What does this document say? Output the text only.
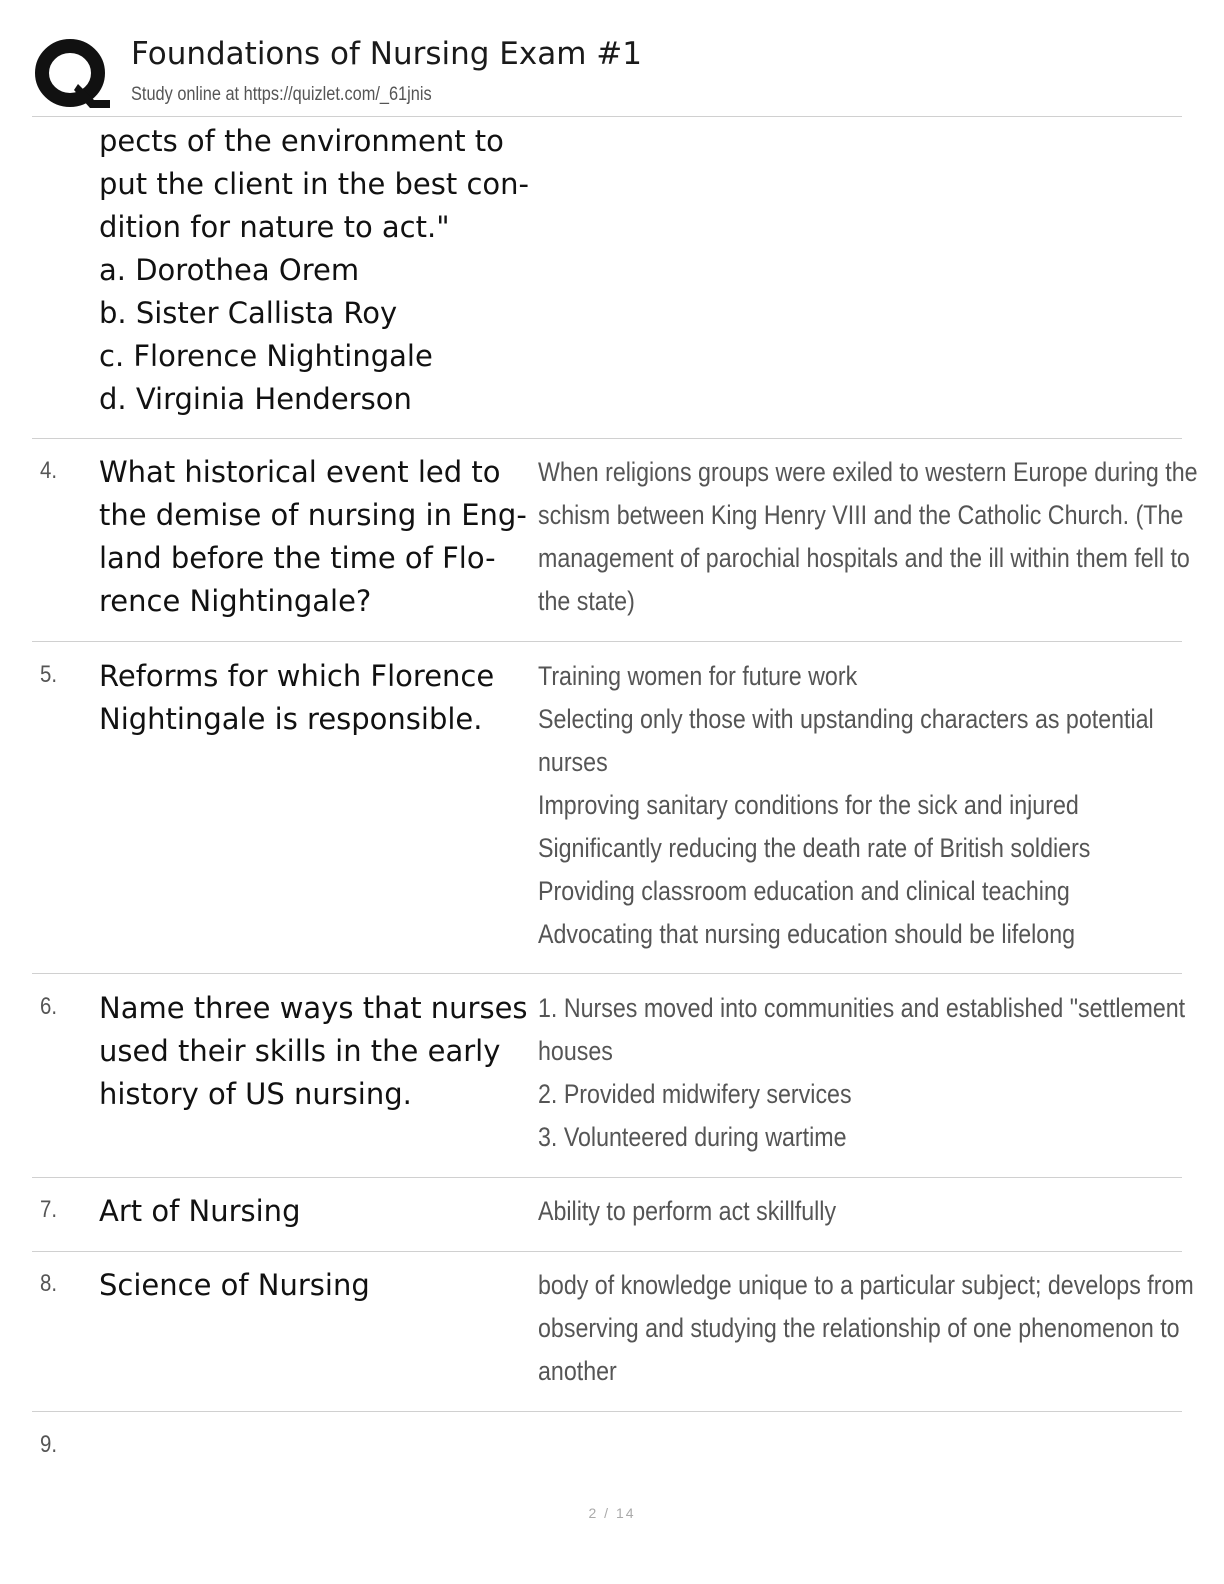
Foundations of Nursing Exam #1
Study online at https://quizlet.com/_61jnis
pects of the environment to
put the client in the best con-
dition for nature to act."
a. Dorothea Orem
b. Sister Callista Roy
c. Florence Nightingale
d. Virginia Henderson
4. What historical event led to
the demise of nursing in Eng-
land before the time of Flo-
rence Nightingale?
When religions groups were exiled to western Europe during the
schism between King Henry VIII and the Catholic Church. (The
management of parochial hospitals and the ill within them fell to
the state)
5. Reforms for which Florence
Nightingale is responsible.
Training women for future work
Selecting only those with upstanding characters as potential
nurses
Improving sanitary conditions for the sick and injured
Significantly reducing the death rate of British soldiers
Providing classroom education and clinical teaching
Advocating that nursing education should be lifelong
6. Name three ways that nurses
used their skills in the early
history of US nursing.
1. Nurses moved into communities and established "settlement
houses
2. Provided midwifery services
3. Volunteered during wartime
7. Art of Nursing	Ability to perform act skillfully
8. Science of Nursing	body of knowledge unique to a particular subject; develops from
observing and studying the relationship of one phenomenon to
another
9.
2 / 14
